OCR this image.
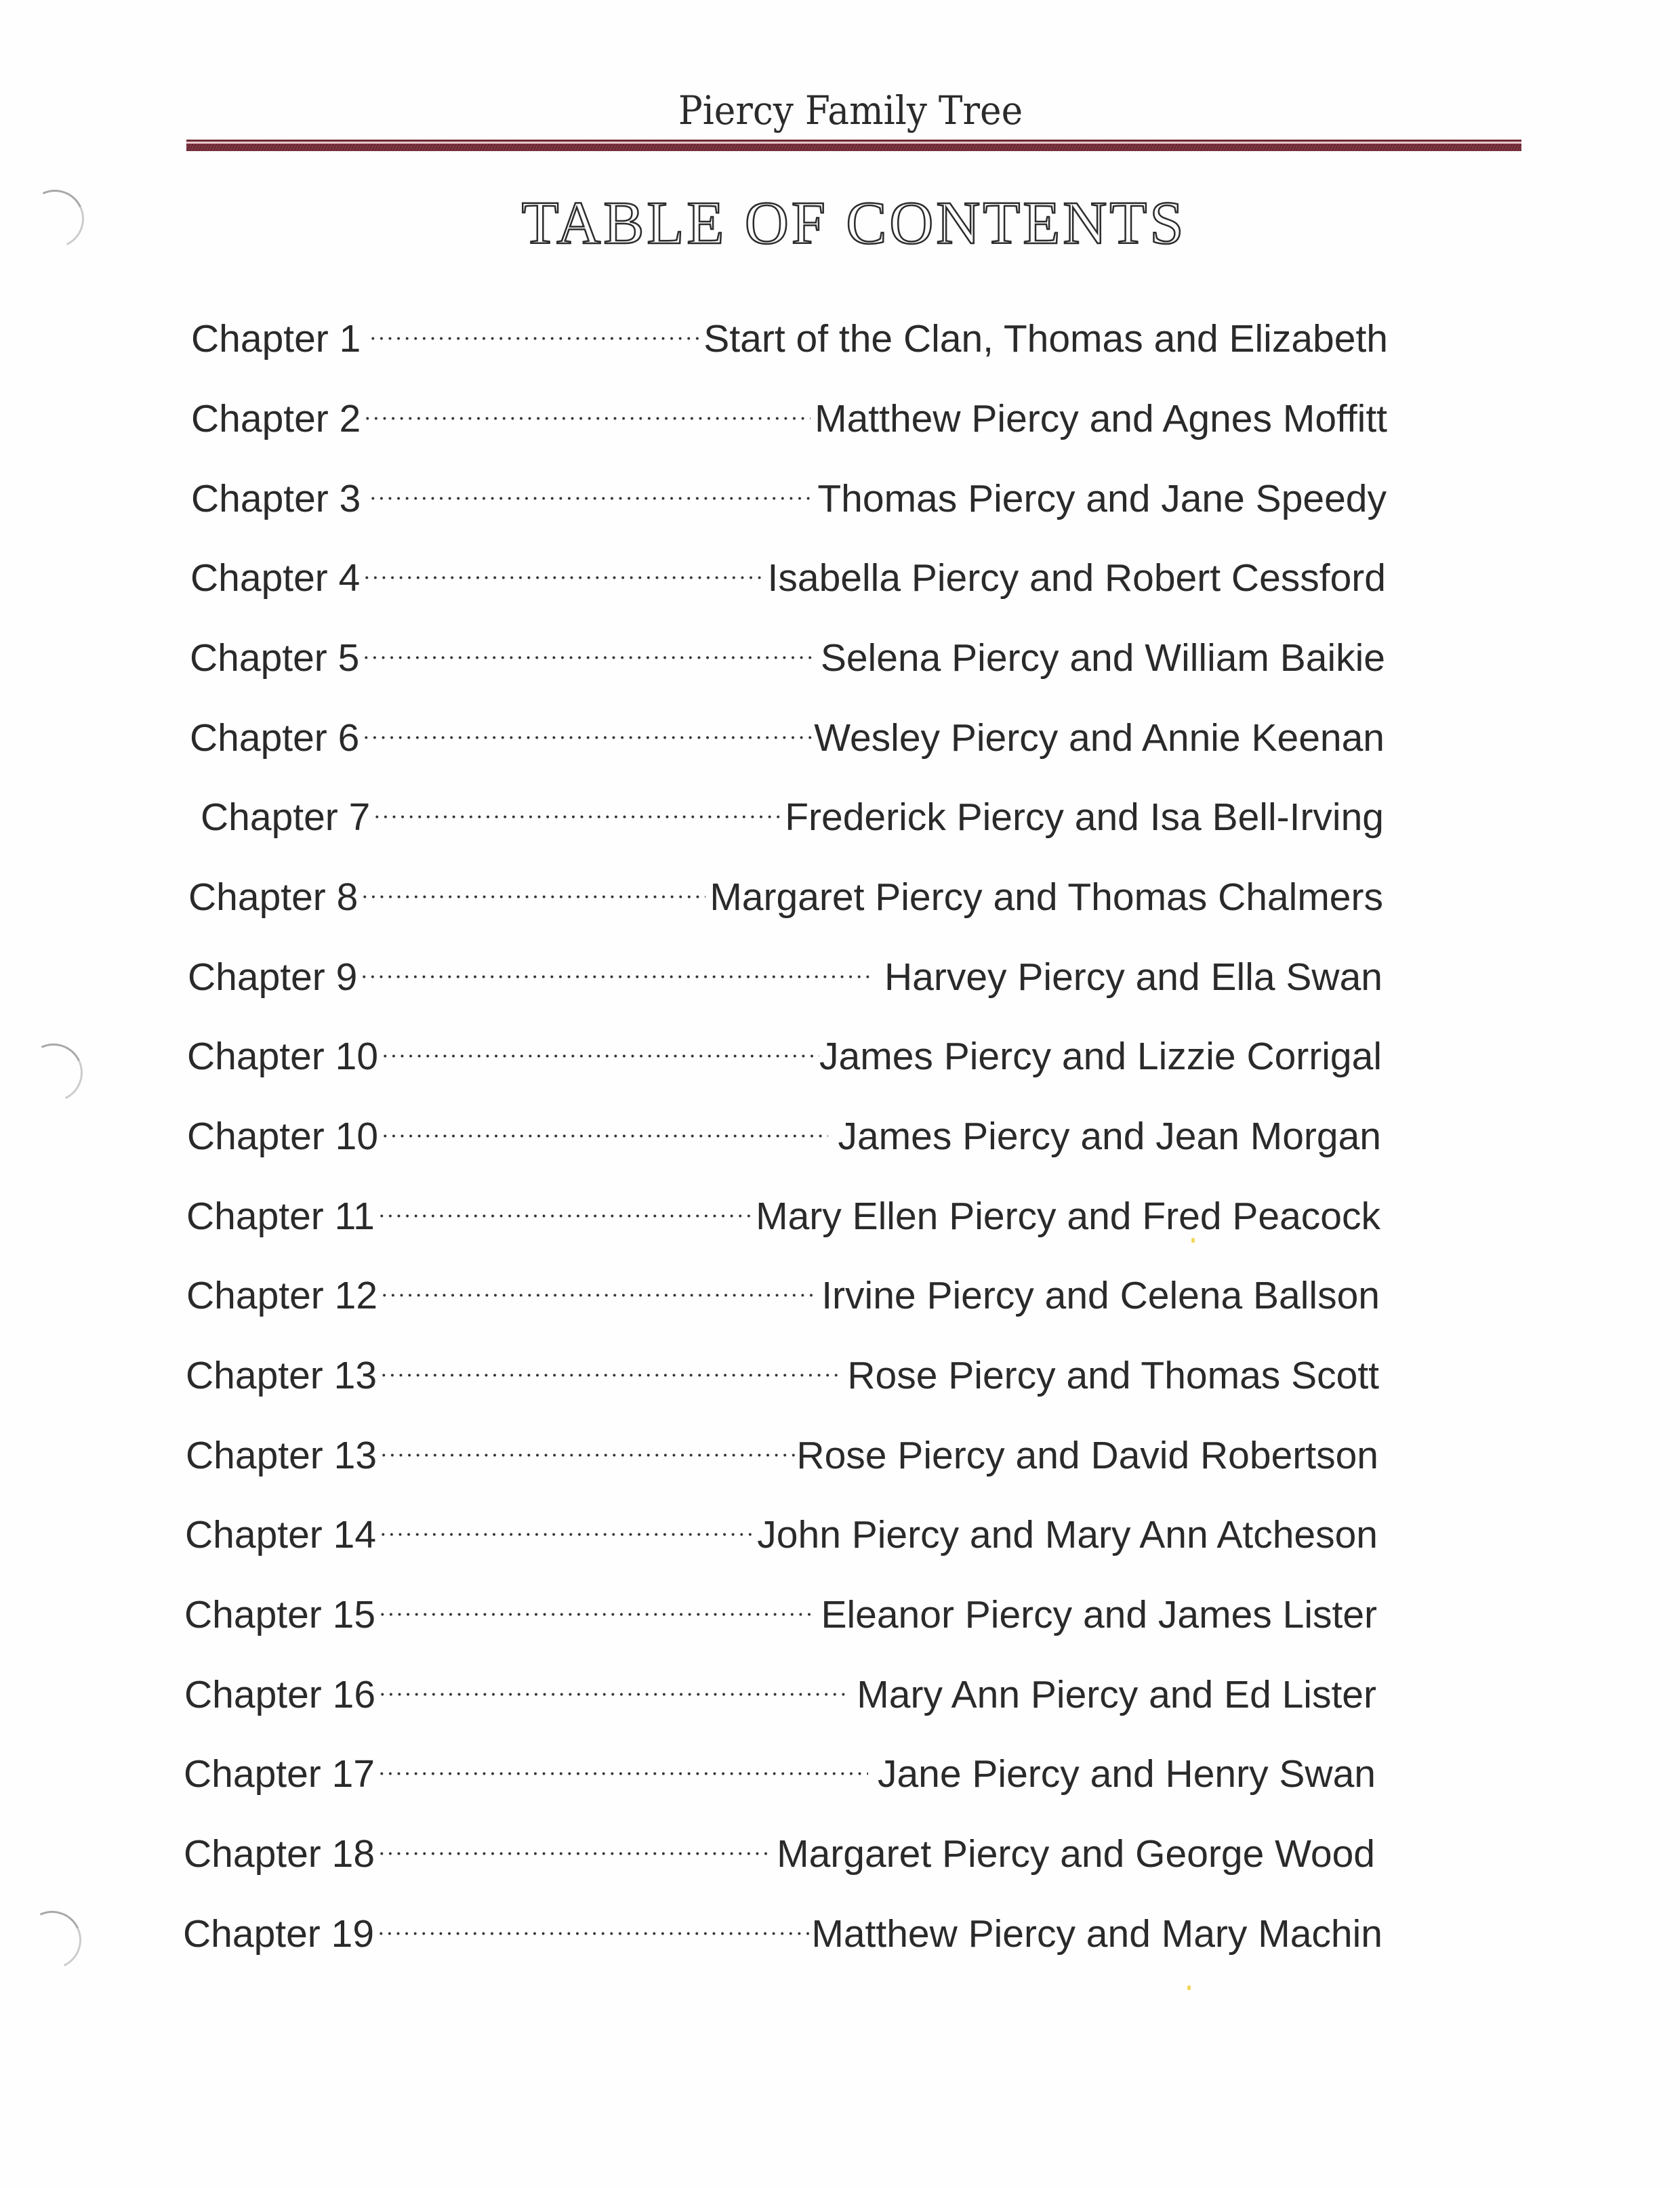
Piercy Family Tree
TABLE OF CONTENTS
Chapter 1	Start of the Clan, Thomas and Elizabeth
Chapter 2	Matthew Piercy and Agnes Moffitt
Chapter 3	Thomas Piercy and Jane Speedy
Chapter 4	Isabella Piercy and Robert Cessford
Chapter 5	Selena Piercy and William Baikie
Chapter 6	Wesley Piercy and Annie Keenan
Chapter 7	Frederick Piercy and Isa Bell-Irving
Chapter 8	Margaret Piercy and Thomas Chalmers
Chapter 9	Harvey Piercy and Ella Swan
Chapter 10	James Piercy and Lizzie Corrigal
Chapter 10	James Piercy and Jean Morgan
Chapter 11	Mary Ellen Piercy and Fred Peacock
Chapter 12	Irvine Piercy and Celena Ballson
Chapter 13	Rose Piercy and Thomas Scott
Chapter 13	Rose Piercy and David Robertson
Chapter 14	John Piercy and Mary Ann Atcheson
Chapter 15	Eleanor Piercy and James Lister
Chapter 16	Mary Ann Piercy and Ed Lister
Chapter 17	Jane Piercy and Henry Swan
Chapter 18	Margaret Piercy and George Wood
Chapter 19	Matthew Piercy and Mary Machin
